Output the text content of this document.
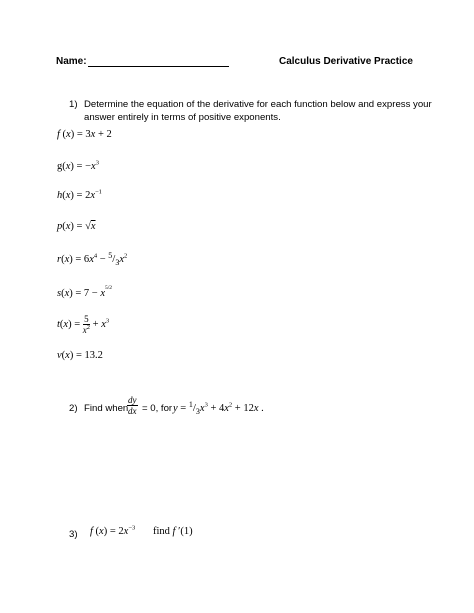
Name:	Calculus Derivative Practice
1) Determine the equation of the derivative for each function below and express your
answer entirely in terms of positive exponents.
f (x) = 3x + 2
$g(x) = -x^3$
$h(x) = 2x^{-1}$
p(x) = √x
$r(x) = 6x^4 - 5/3x^2$
$s(x) = 7 - x^{5/2}$
$t(x) = \frac{5}{x^2} + x^3$
v(x) = 13.2
2) Find when
$\frac{dy}{dx} = 0$, for $y = 1/3x^3 + 4x^2 + 12x$ .
3) f $(x) = 2x^{-3}$ find f ′(1)
